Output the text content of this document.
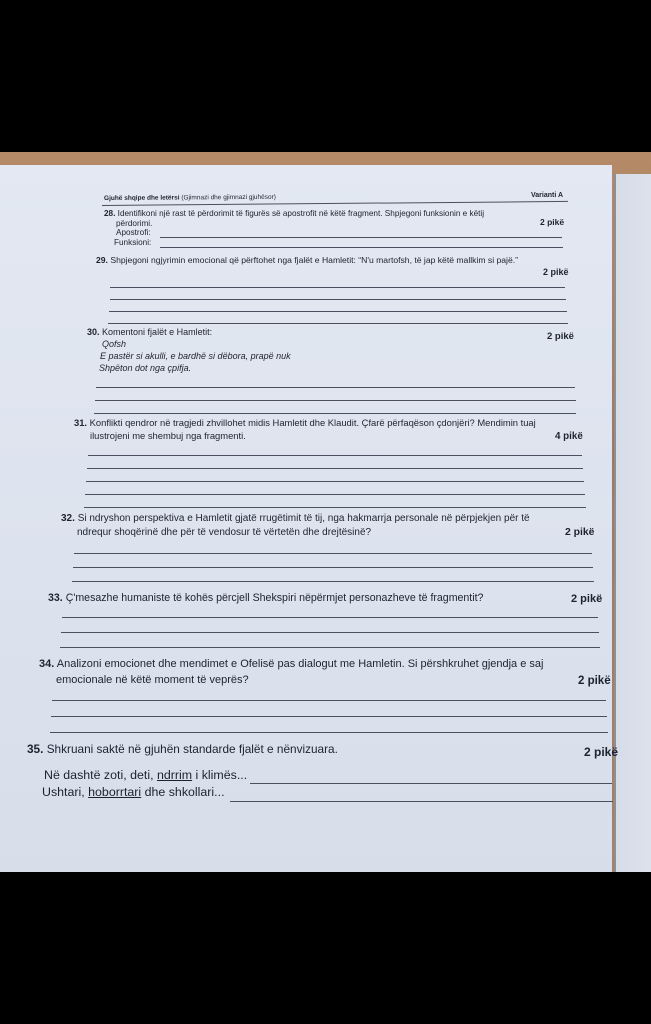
Gjuhë shqipe dhe letërsi (Gjimnazi dhe gjimnazi gjuhësor)	Varianti A
28. Identifikoni një rast të përdorimit të figurës së apostrofit në këtë fragment. Shpjegoni funksionin e këtij
përdorimi.	2 pikë
Apostrofi:
Funksioni:
29. Shpjegoni ngjyrimin emocional që përftohet nga fjalët e Hamletit: “N'u martofsh, të jap këtë mallkim si pajë.”
2 pikë
30. Komentoni fjalët e Hamletit:	2 pikë
Qofsh
E pastër si akulli, e bardhë si dëbora, prapë nuk
Shpëton dot nga çpifja.
31. Konflikti qendror në tragjedi zhvillohet midis Hamletit dhe Klaudit. Çfarë përfaqëson çdonjëri? Mendimin tuaj
ilustrojeni me shembuj nga fragmenti.	4 pikë
32. Si ndryshon perspektiva e Hamletit gjatë rrugëtimit të tij, nga hakmarrja personale në përpjekjen për të
ndrequr shoqërinë dhe për të vendosur të vërtetën dhe drejtësinë?	2 pikë
33. Ç'mesazhe humaniste të kohës përcjell Shekspiri nëpërmjet personazheve të fragmentit?	2 pikë
34. Analizoni emocionet dhe mendimet e Ofelisë pas dialogut me Hamletin. Si përshkruhet gjendja e saj
emocionale në këtë moment të veprës?	2 pikë
35. Shkruani saktë në gjuhën standarde fjalët e nënvizuara.	2 pikë
Në dashtë zoti, deti, ndrrim i klimës...
Ushtari, hoborrtari dhe shkollari...
